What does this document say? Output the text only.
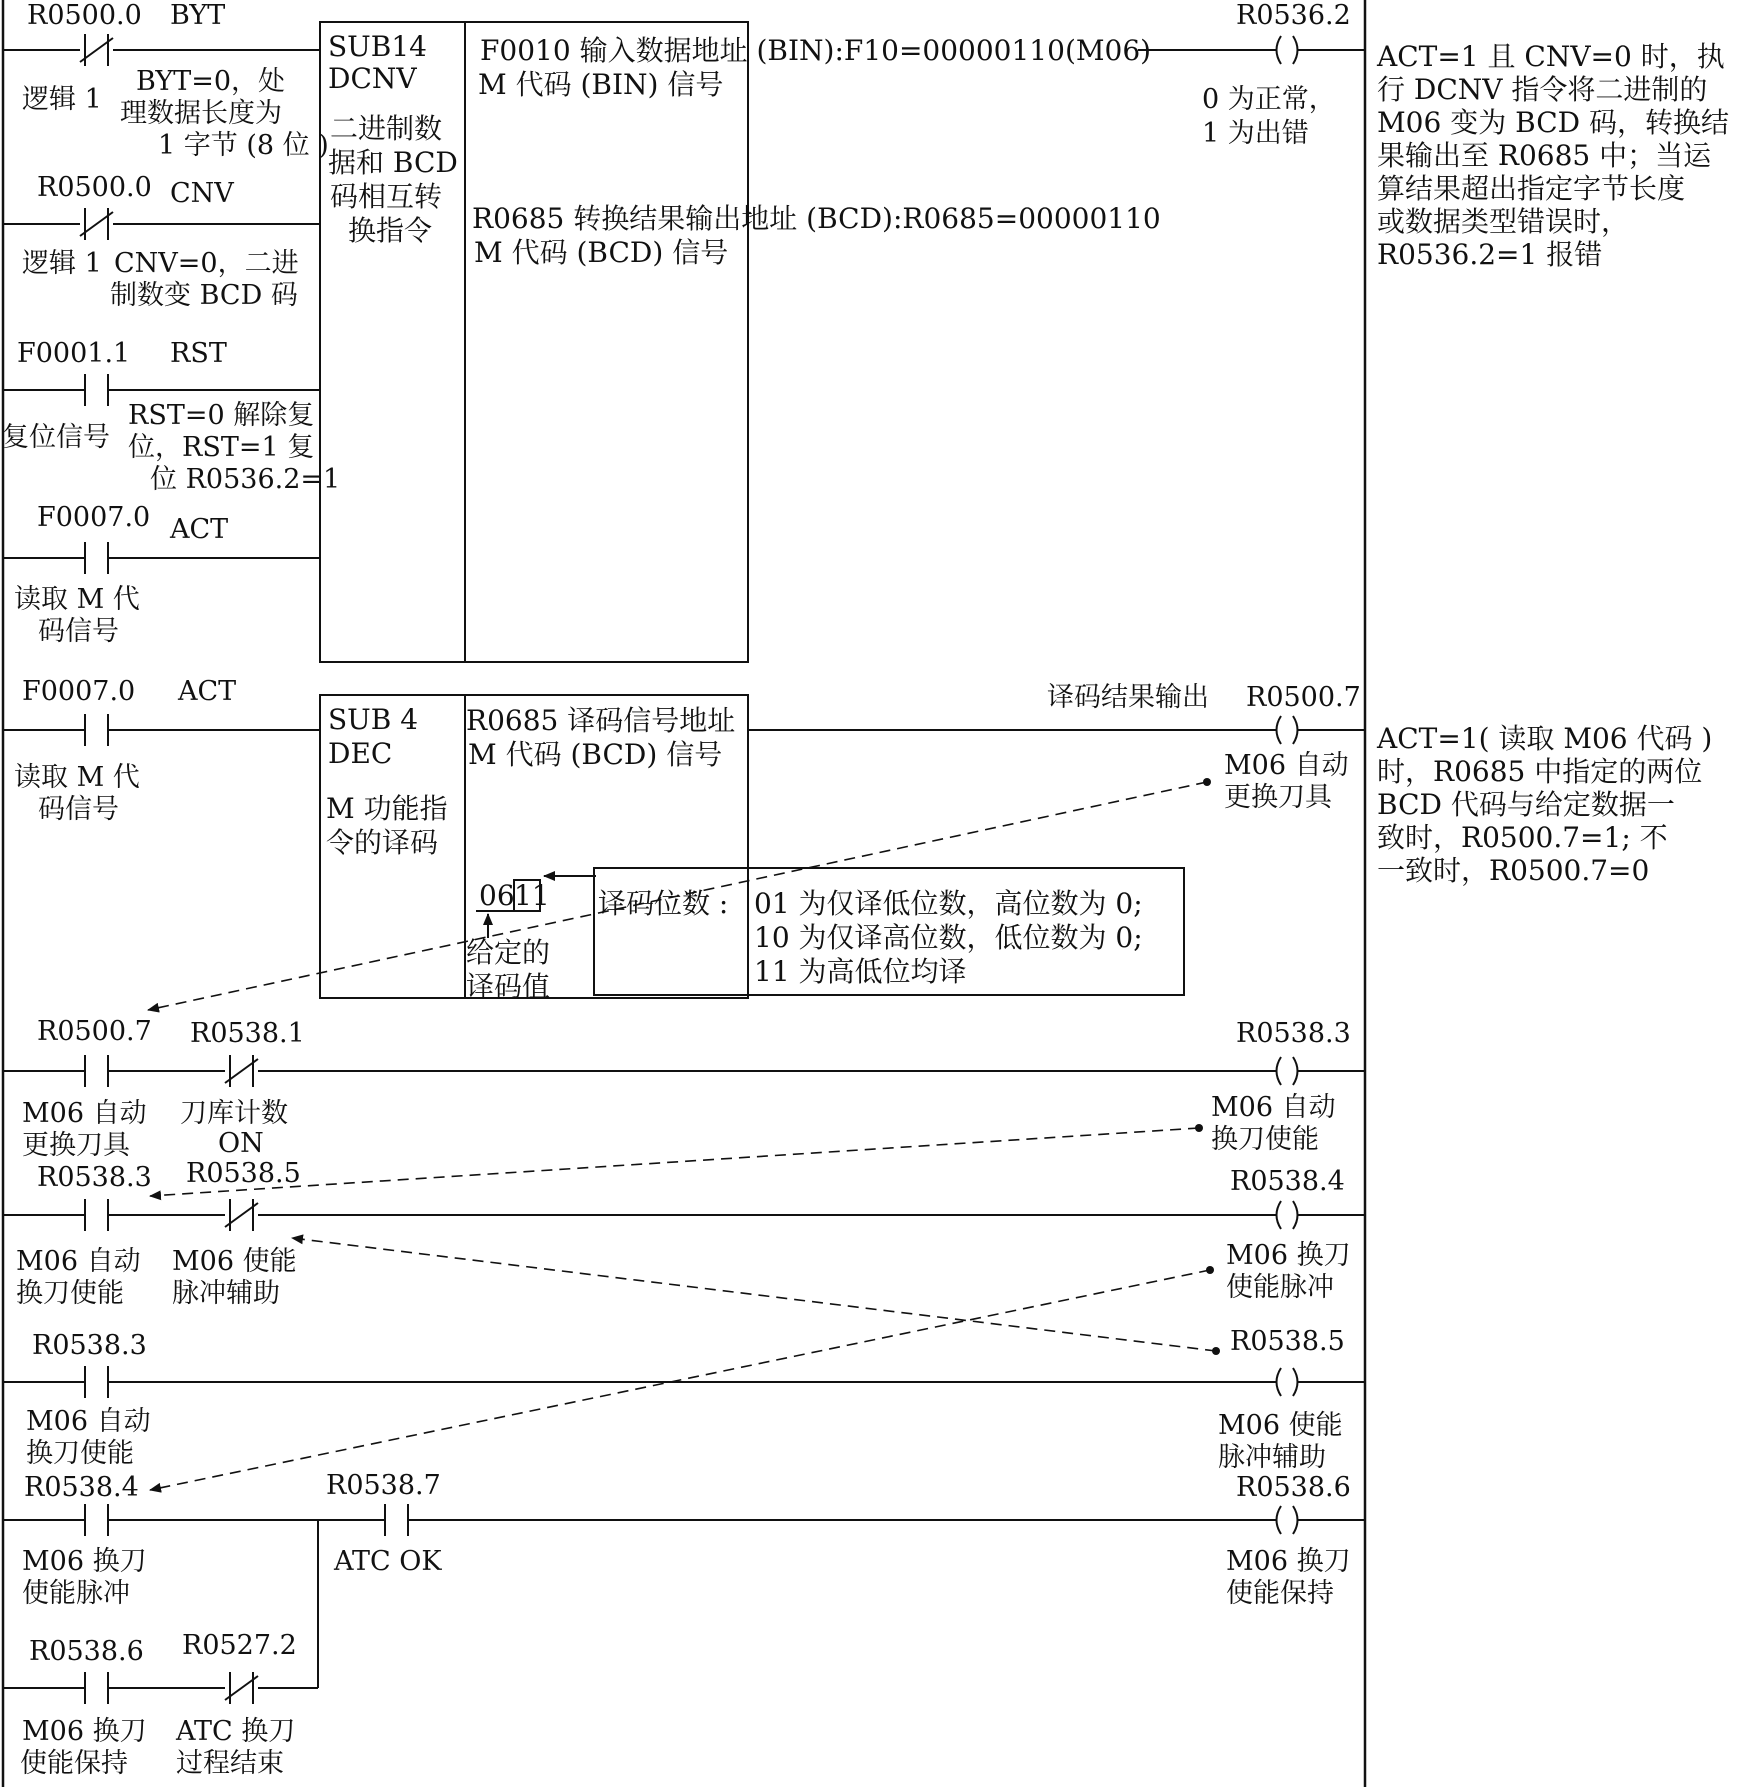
R0500.0 BYT
逻辑 1
BYT=0，处
理数据长度为
1 字节 (8 位 )
R0500.0 CNV
逻辑 1 CNV=0，二进
制数变 BCD 码
F0001.1 RST
复位信号
RST=0 解除复
位，RST=1 复
位 R0536.2=1
F0007.0 ACT
读取 M 代
码信号
SUB14
DCNV
二进制数
据和 BCD
码相互转
换指令
F0010 输入数据地址 (BIN):F10=00000110(M06)
M 代码 (BIN) 信号
R0685 转换结果输出地址 (BCD):R0685=00000110
M 代码 (BCD) 信号
R0536.2
0 为正常，
1 为出错
ACT=1 且 CNV=0 时，执
行 DCNV 指令将二进制的
M06 变为 BCD 码，转换结
果输出至 R0685 中；当运
算结果超出指定字节长度
或数据类型错误时，
R0536.2=1 报错
F0007.0 ACT
读取 M 代
码信号
SUB 4
DEC
M 功能指
令的译码
R0685 译码信号地址
M 代码 (BCD) 信号
06 11
给定的
译码值
译码位数 : 01 为仅译低位数，高位数为 0;
10 为仅译高位数，低位数为 0;
11 为高低位均译
译码结果输出 R0500.7
M06 自动
更换刀具
ACT=1( 读取 M06 代码 )
时，R0685 中指定的两位
BCD 代码与给定数据一
致时，R0500.7=1; 不
一致时，R0500.7=0
R0500.7
M06 自动
更换刀具
R0538.1
刀库计数
ON
R0538.3
M06 自动
换刀使能
R0538.3
M06 自动
换刀使能
R0538.5
M06 使能
脉冲辅助
R0538.4
M06 换刀
使能脉冲
R0538.3
M06 自动
换刀使能
R0538.5
M06 使能
脉冲辅助
R0538.4
M06 换刀
使能脉冲
R0538.7
ATC OK
R0538.6
M06 换刀
使能保持
R0527.2
ATC 换刀
过程结束
R0538.6
M06 换刀
使能保持
